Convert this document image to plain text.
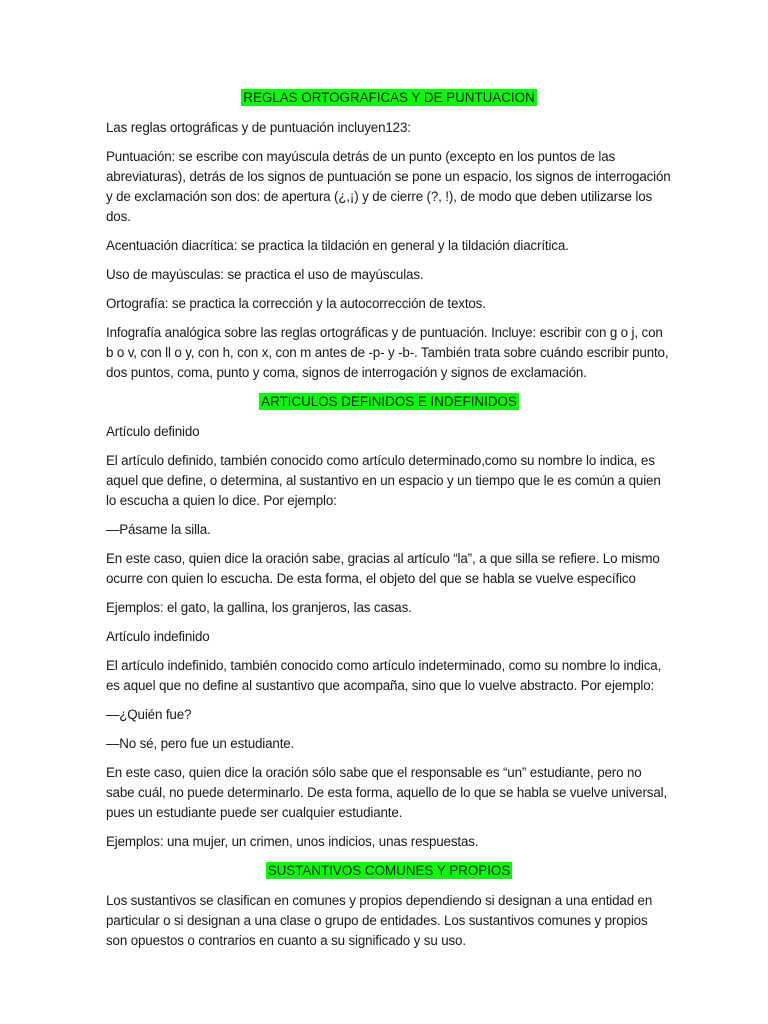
REGLAS ORTOGRAFICAS Y DE PUNTUACION

Las reglas ortográficas y de puntuación incluyen123:

Puntuación: se escribe con mayúscula detrás de un punto (excepto en los puntos de las abreviaturas), detrás de los signos de puntuación se pone un espacio, los signos de interrogación y de exclamación son dos: de apertura (¿,¡) y de cierre (?, !), de modo que deben utilizarse los dos.

Acentuación diacrítica: se practica la tildación en general y la tildación diacrítica.

Uso de mayúsculas: se practica el uso de mayúsculas.

Ortografía: se practica la corrección y la autocorrección de textos.

Infografía analógica sobre las reglas ortográficas y de puntuación. Incluye: escribir con g o j, con b o v, con ll o y, con h, con x, con m antes de -p- y -b-. También trata sobre cuándo escribir punto, dos puntos, coma, punto y coma, signos de interrogación y signos de exclamación.

ARTICULOS DEFINIDOS E INDEFINIDOS

Artículo definido

El artículo definido, también conocido como artículo determinado,como su nombre lo indica, es aquel que define, o determina, al sustantivo en un espacio y un tiempo que le es común a quien lo escucha a quien lo dice. Por ejemplo:

—Pásame la silla.

En este caso, quien dice la oración sabe, gracias al artículo “la”, a que silla se refiere. Lo mismo ocurre con quien lo escucha. De esta forma, el objeto del que se habla se vuelve específico

Ejemplos: el gato, la gallina, los granjeros, las casas.

Artículo indefinido

El artículo indefinido, también conocido como artículo indeterminado, como su nombre lo indica, es aquel que no define al sustantivo que acompaña, sino que lo vuelve abstracto. Por ejemplo:

—¿Quién fue?

—No sé, pero fue un estudiante.

En este caso, quien dice la oración sólo sabe que el responsable es “un” estudiante, pero no sabe cuál, no puede determinarlo. De esta forma, aquello de lo que se habla se vuelve universal, pues un estudiante puede ser cualquier estudiante.

Ejemplos: una mujer, un crimen, unos indicios, unas respuestas.

SUSTANTIVOS COMUNES Y PROPIOS

Los sustantivos se clasifican en comunes y propios dependiendo si designan a una entidad en particular o si designan a una clase o grupo de entidades. Los sustantivos comunes y propios son opuestos o contrarios en cuanto a su significado y su uso.
